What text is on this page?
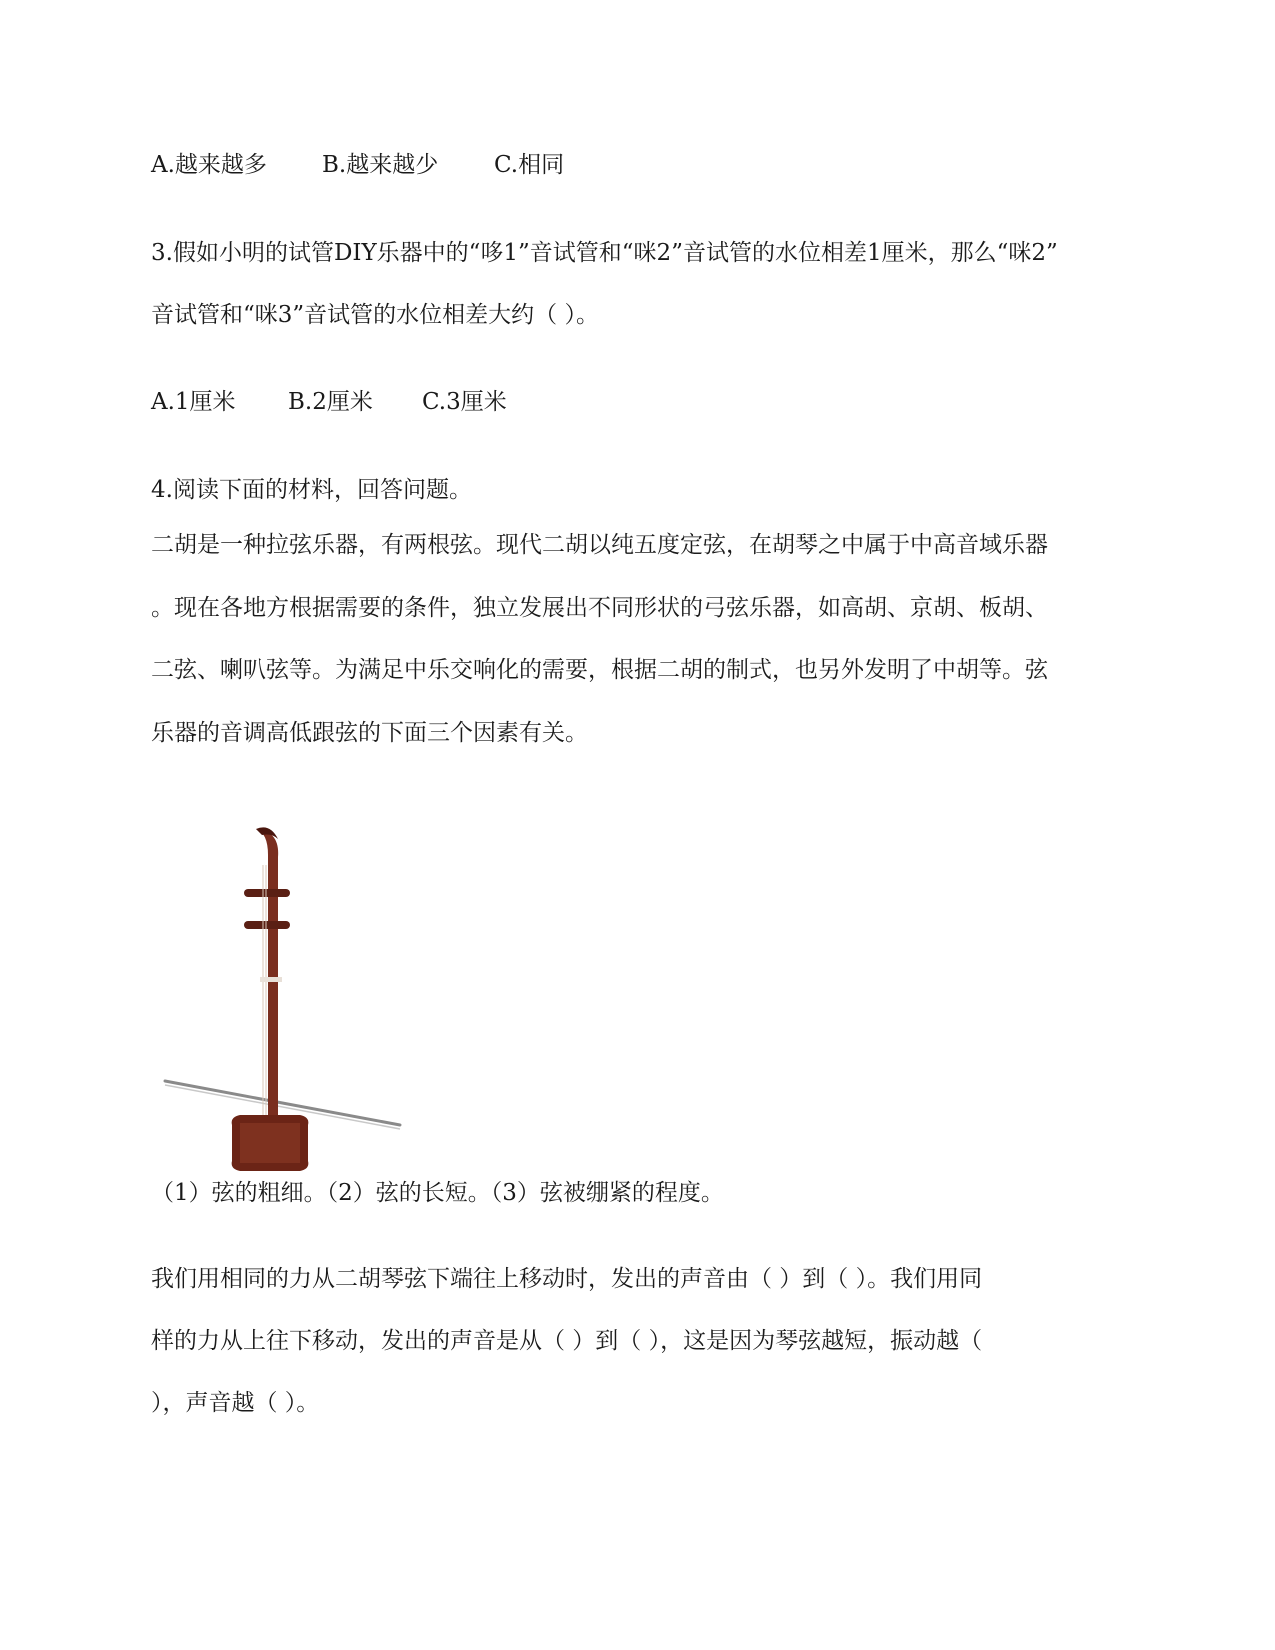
A.越来越多 B.越来越少 C.相同
3.假如小明的试管DIY乐器中的“哆1”音试管和“咪2”音试管的水位相差1厘米，那么“咪2”
音试管和“咪3”音试管的水位相差大约（ ）。
A.1厘米 B.2厘米 C.3厘米
4.阅读下面的材料，回答问题。
二胡是一种拉弦乐器，有两根弦。现代二胡以纯五度定弦，在胡琴之中属于中高音域乐器
。现在各地方根据需要的条件，独立发展出不同形状的弓弦乐器，如高胡、京胡、板胡、
二弦、喇叭弦等。为满足中乐交响化的需要，根据二胡的制式，也另外发明了中胡等。弦
乐器的音调高低跟弦的下面三个因素有关。
（1）弦的粗细。（2）弦的长短。（3）弦被绷紧的程度。
我们用相同的力从二胡琴弦下端往上移动时，发出的声音由（ ）到（ ）。我们用同
样的力从上往下移动，发出的声音是从（ ）到（ ），这是因为琴弦越短，振动越（
），声音越（ ）。
